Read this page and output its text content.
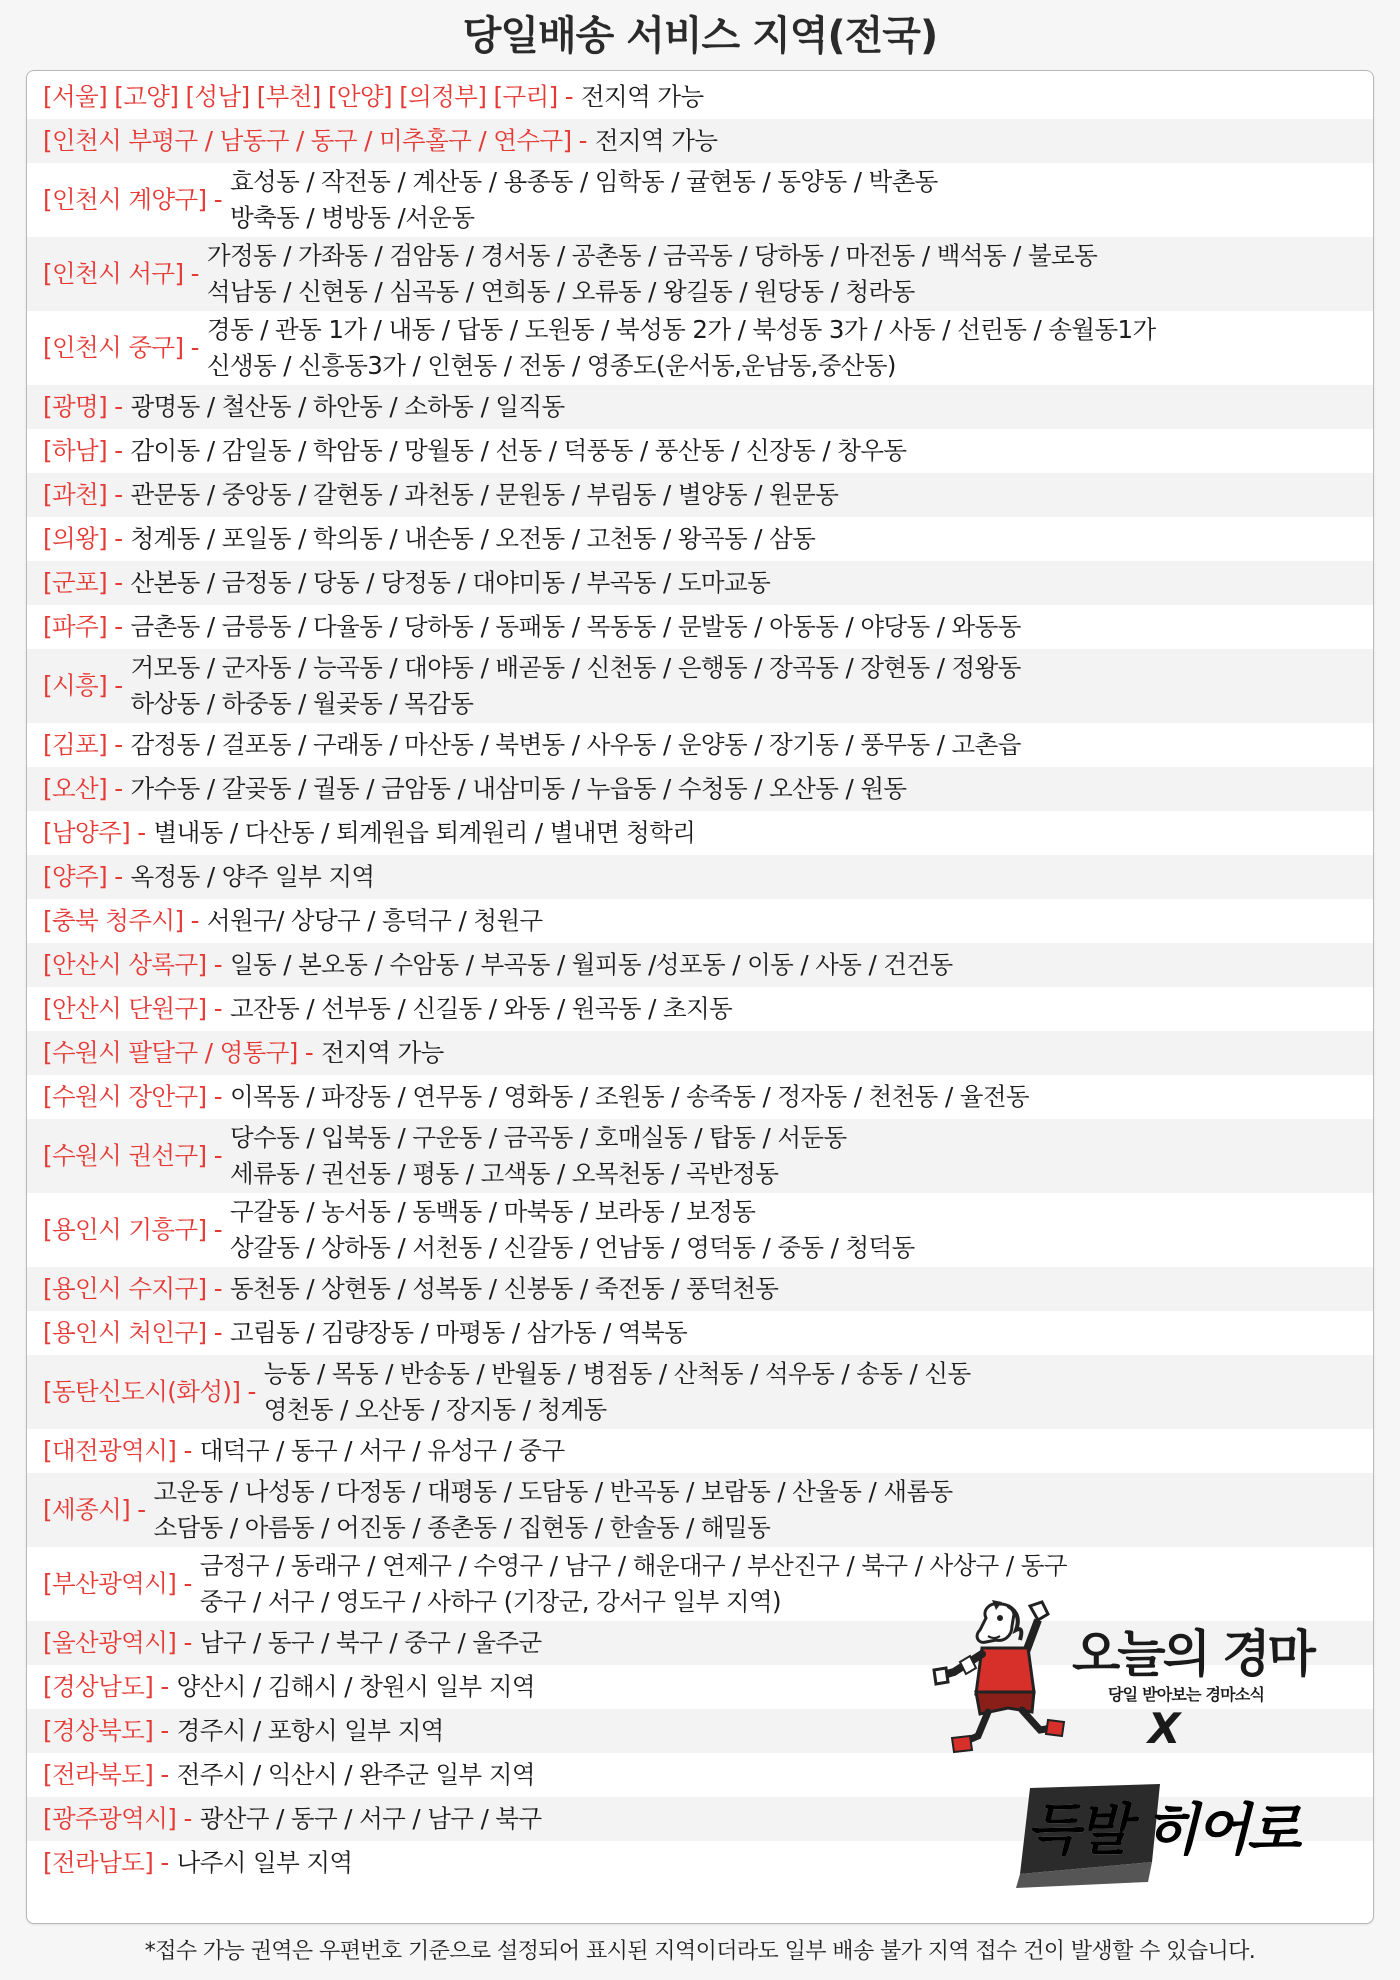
당일배송 서비스 지역(전국)
[서울] [고양] [성남] [부천] [안양] [의정부] [구리] - 전지역 가능
[인천시 부평구 / 남동구 / 동구 / 미추홀구 / 연수구] - 전지역 가능
[인천시 계양구] -
효성동 / 작전동 / 계산동 / 용종동 / 임학동 / 귤현동 / 동양동 / 박촌동
방축동 / 병방동 /서운동
[인천시 서구] -
가정동 / 가좌동 / 검암동 / 경서동 / 공촌동 / 금곡동 / 당하동 / 마전동 / 백석동 / 불로동
석남동 / 신현동 / 심곡동 / 연희동 / 오류동 / 왕길동 / 원당동 / 청라동
[인천시 중구] -
경동 / 관동 1가 / 내동 / 답동 / 도원동 / 북성동 2가 / 북성동 3가 / 사동 / 선린동 / 송월동1가
신생동 / 신흥동3가 / 인현동 / 전동 / 영종도(운서동,운남동,중산동)
[광명] - 광명동 / 철산동 / 하안동 / 소하동 / 일직동
[하남] - 감이동 / 감일동 / 학암동 / 망월동 / 선동 / 덕풍동 / 풍산동 / 신장동 / 창우동
[과천] - 관문동 / 중앙동 / 갈현동 / 과천동 / 문원동 / 부림동 / 별양동 / 원문동
[의왕] - 청계동 / 포일동 / 학의동 / 내손동 / 오전동 / 고천동 / 왕곡동 / 삼동
[군포] - 산본동 / 금정동 / 당동 / 당정동 / 대야미동 / 부곡동 / 도마교동
[파주] - 금촌동 / 금릉동 / 다율동 / 당하동 / 동패동 / 목동동 / 문발동 / 아동동 / 야당동 / 와동동
[시흥] -
거모동 / 군자동 / 능곡동 / 대야동 / 배곧동 / 신천동 / 은행동 / 장곡동 / 장현동 / 정왕동
하상동 / 하중동 / 월곶동 / 목감동
[김포] - 감정동 / 걸포동 / 구래동 / 마산동 / 북변동 / 사우동 / 운양동 / 장기동 / 풍무동 / 고촌읍
[오산] - 가수동 / 갈곶동 / 궐동 / 금암동 / 내삼미동 / 누읍동 / 수청동 / 오산동 / 원동
[남양주] - 별내동 / 다산동 / 퇴계원읍 퇴계원리 / 별내면 청학리
[양주] - 옥정동 / 양주 일부 지역
[충북 청주시] - 서원구/ 상당구 / 흥덕구 / 청원구
[안산시 상록구] - 일동 / 본오동 / 수암동 / 부곡동 / 월피동 /성포동 / 이동 / 사동 / 건건동
[안산시 단원구] - 고잔동 / 선부동 / 신길동 / 와동 / 원곡동 / 초지동
[수원시 팔달구 / 영통구] - 전지역 가능
[수원시 장안구] - 이목동 / 파장동 / 연무동 / 영화동 / 조원동 / 송죽동 / 정자동 / 천천동 / 율전동
[수원시 권선구] -
당수동 / 입북동 / 구운동 / 금곡동 / 호매실동 / 탑동 / 서둔동
세류동 / 권선동 / 평동 / 고색동 / 오목천동 / 곡반정동
[용인시 기흥구] -
구갈동 / 농서동 / 동백동 / 마북동 / 보라동 / 보정동
상갈동 / 상하동 / 서천동 / 신갈동 / 언남동 / 영덕동 / 중동 / 청덕동
[용인시 수지구] - 동천동 / 상현동 / 성복동 / 신봉동 / 죽전동 / 풍덕천동
[용인시 처인구] - 고림동 / 김량장동 / 마평동 / 삼가동 / 역북동
[동탄신도시(화성)] -
능동 / 목동 / 반송동 / 반월동 / 병점동 / 산척동 / 석우동 / 송동 / 신동
영천동 / 오산동 / 장지동 / 청계동
[대전광역시] - 대덕구 / 동구 / 서구 / 유성구 / 중구
[세종시] -
고운동 / 나성동 / 다정동 / 대평동 / 도담동 / 반곡동 / 보람동 / 산울동 / 새롬동
소담동 / 아름동 / 어진동 / 종촌동 / 집현동 / 한솔동 / 해밀동
[부산광역시] -
금정구 / 동래구 / 연제구 / 수영구 / 남구 / 해운대구 / 부산진구 / 북구 / 사상구 / 동구
중구 / 서구 / 영도구 / 사하구 (기장군, 강서구 일부 지역)
[울산광역시] - 남구 / 동구 / 북구 / 중구 / 울주군
[경상남도] - 양산시 / 김해시 / 창원시 일부 지역
[경상북도] - 경주시 / 포항시 일부 지역
[전라북도] - 전주시 / 익산시 / 완주군 일부 지역
[광주광역시] - 광산구 / 동구 / 서구 / 남구 / 북구
[전라남도] - 나주시 일부 지역
오늘의 경마
당일 받아보는 경마소식
X
득발 히어로
*접수 가능 권역은 우편번호 기준으로 설정되어 표시된 지역이더라도 일부 배송 불가 지역 접수 건이 발생할 수 있습니다.
